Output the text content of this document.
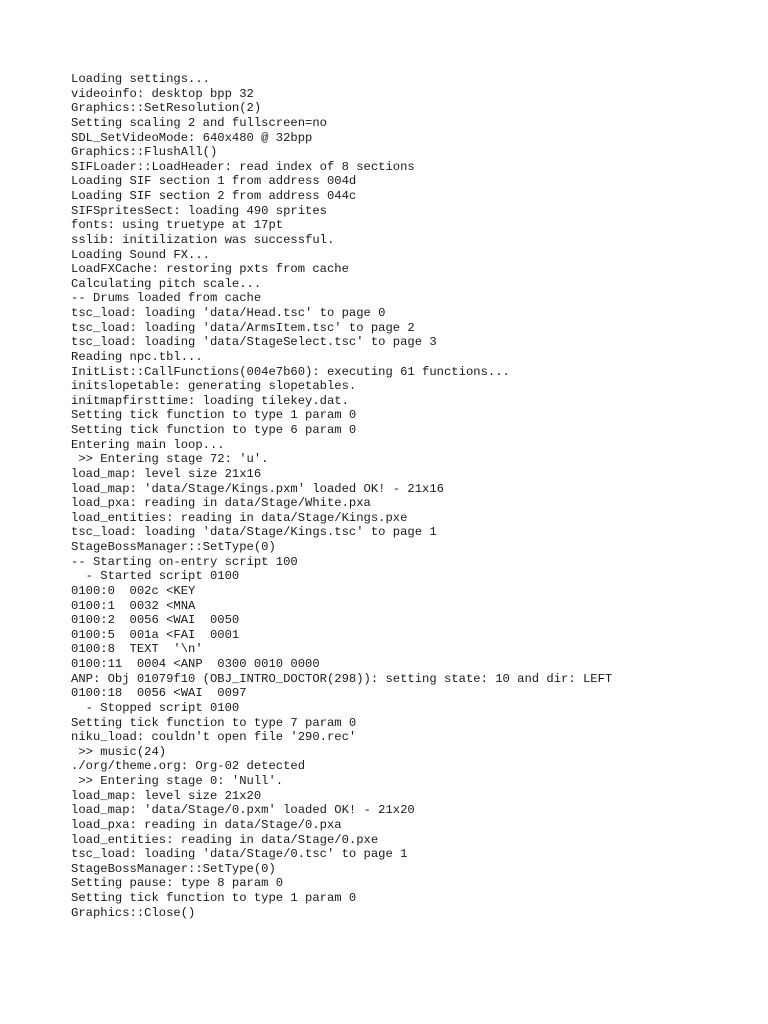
Loading settings...
videoinfo: desktop bpp 32
Graphics::SetResolution(2)
Setting scaling 2 and fullscreen=no
SDL_SetVideoMode: 640x480 @ 32bpp
Graphics::FlushAll()
SIFLoader::LoadHeader: read index of 8 sections
Loading SIF section 1 from address 004d
Loading SIF section 2 from address 044c
SIFSpritesSect: loading 490 sprites
fonts: using truetype at 17pt
sslib: initilization was successful.
Loading Sound FX...
LoadFXCache: restoring pxts from cache
Calculating pitch scale...
-- Drums loaded from cache
tsc_load: loading 'data/Head.tsc' to page 0
tsc_load: loading 'data/ArmsItem.tsc' to page 2
tsc_load: loading 'data/StageSelect.tsc' to page 3
Reading npc.tbl...
InitList::CallFunctions(004e7b60): executing 61 functions...
initslopetable: generating slopetables.
initmapfirsttime: loading tilekey.dat.
Setting tick function to type 1 param 0
Setting tick function to type 6 param 0
Entering main loop...
>> Entering stage 72: 'u'.
load_map: level size 21x16
load_map: 'data/Stage/Kings.pxm' loaded OK! - 21x16
load_pxa: reading in data/Stage/White.pxa
load_entities: reading in data/Stage/Kings.pxe
tsc_load: loading 'data/Stage/Kings.tsc' to page 1
StageBossManager::SetType(0)
-- Starting on-entry script 100
- Started script 0100
0100:0  002c <KEY
0100:1  0032 <MNA
0100:2  0056 <WAI  0050
0100:5  001a <FAI  0001
0100:8  TEXT  '\n'
0100:11  0004 <ANP  0300 0010 0000
ANP: Obj 01079f10 (OBJ_INTRO_DOCTOR(298)): setting state: 10 and dir: LEFT
0100:18  0056 <WAI  0097
- Stopped script 0100
Setting tick function to type 7 param 0
niku_load: couldn't open file '290.rec'
>> music(24)
./org/theme.org: Org-02 detected
>> Entering stage 0: 'Null'.
load_map: level size 21x20
load_map: 'data/Stage/0.pxm' loaded OK! - 21x20
load_pxa: reading in data/Stage/0.pxa
load_entities: reading in data/Stage/0.pxe
tsc_load: loading 'data/Stage/0.tsc' to page 1
StageBossManager::SetType(0)
Setting pause: type 8 param 0
Setting tick function to type 1 param 0
Graphics::Close()
